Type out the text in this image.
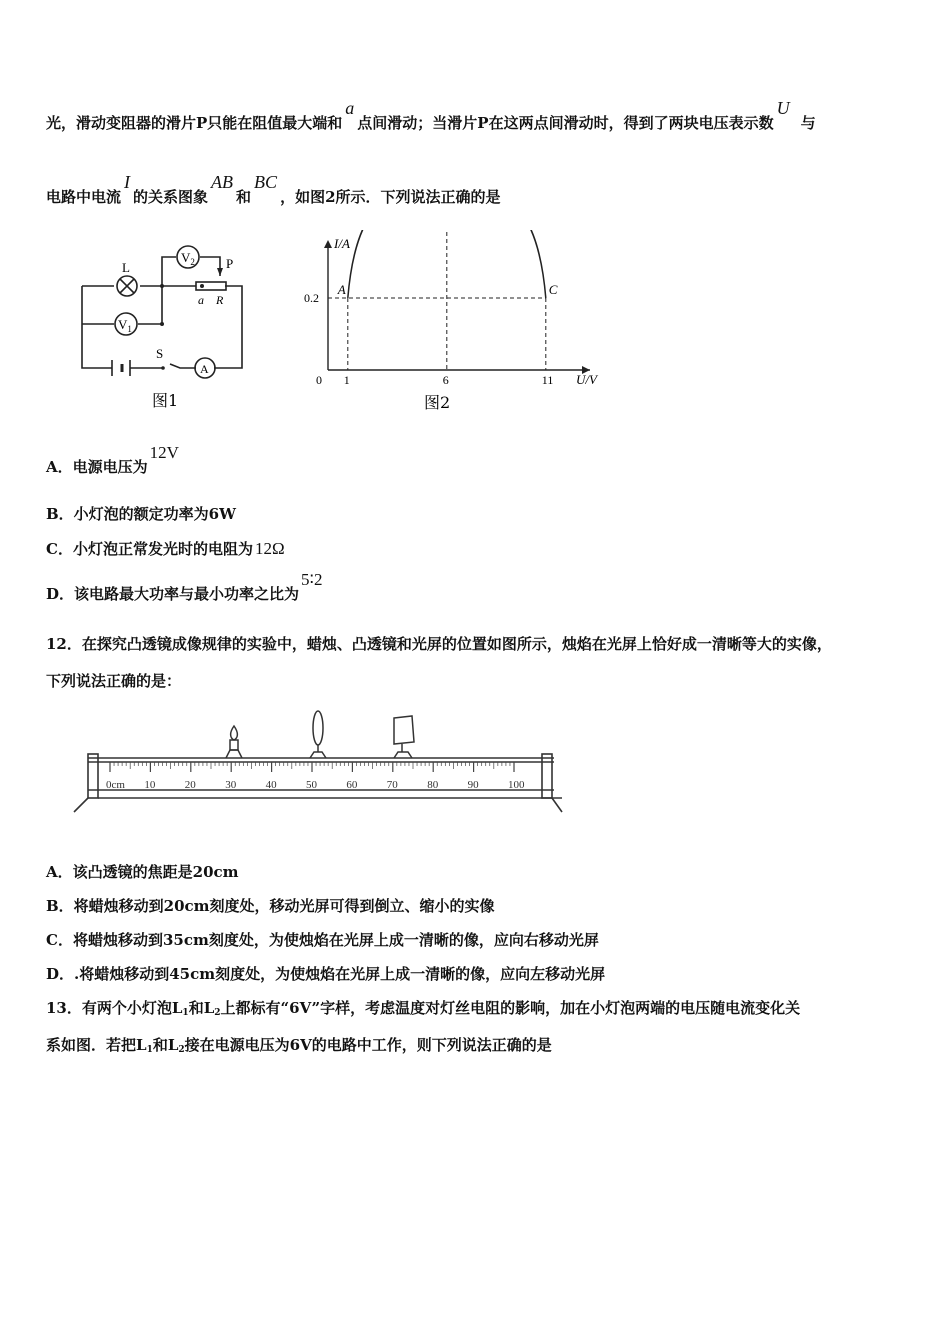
光，滑动变阻器的滑片P只能在阻值最大端和a点间滑动；当滑片P在这两点间滑动时，得到了两块电压表示数U与
电路中电流I的关系图象AB和BC，如图2所示．下列说法正确的是
L
$V_2$ P
a R
$V_1$
S
A
图1
I/A
U/V
0
A	C
1	6	11
0.2
图2
A．电源电压为12V
B．小灯泡的额定功率为6W
C．小灯泡正常发光时的电阻为 12Ω
D．该电路最大功率与最小功率之比为5∶2
12．在探究凸透镜成像规律的实验中，蜡烛、凸透镜和光屏的位置如图所示，烛焰在光屏上恰好成一清晰等大的实像，
下列说法正确的是：
0cm 10	20	30	40	50	60	70	80	90	100
A．该凸透镜的焦距是20cm
B．将蜡烛移动到20cm刻度处，移动光屏可得到倒立、缩小的实像
C．将蜡烛移动到35cm刻度处，为使烛焰在光屏上成一清晰的像，应向右移动光屏
D．.将蜡烛移动到45cm刻度处，为使烛焰在光屏上成一清晰的像，应向左移动光屏
13．有两个小灯泡$L_1$和$L_2$上都标有“6V”字样，考虑温度对灯丝电阻的影响，加在小灯泡两端的电压随电流变化关
系如图．若把$L_1$和$L_2$接在电源电压为6V的电路中工作，则下列说法正确的是
